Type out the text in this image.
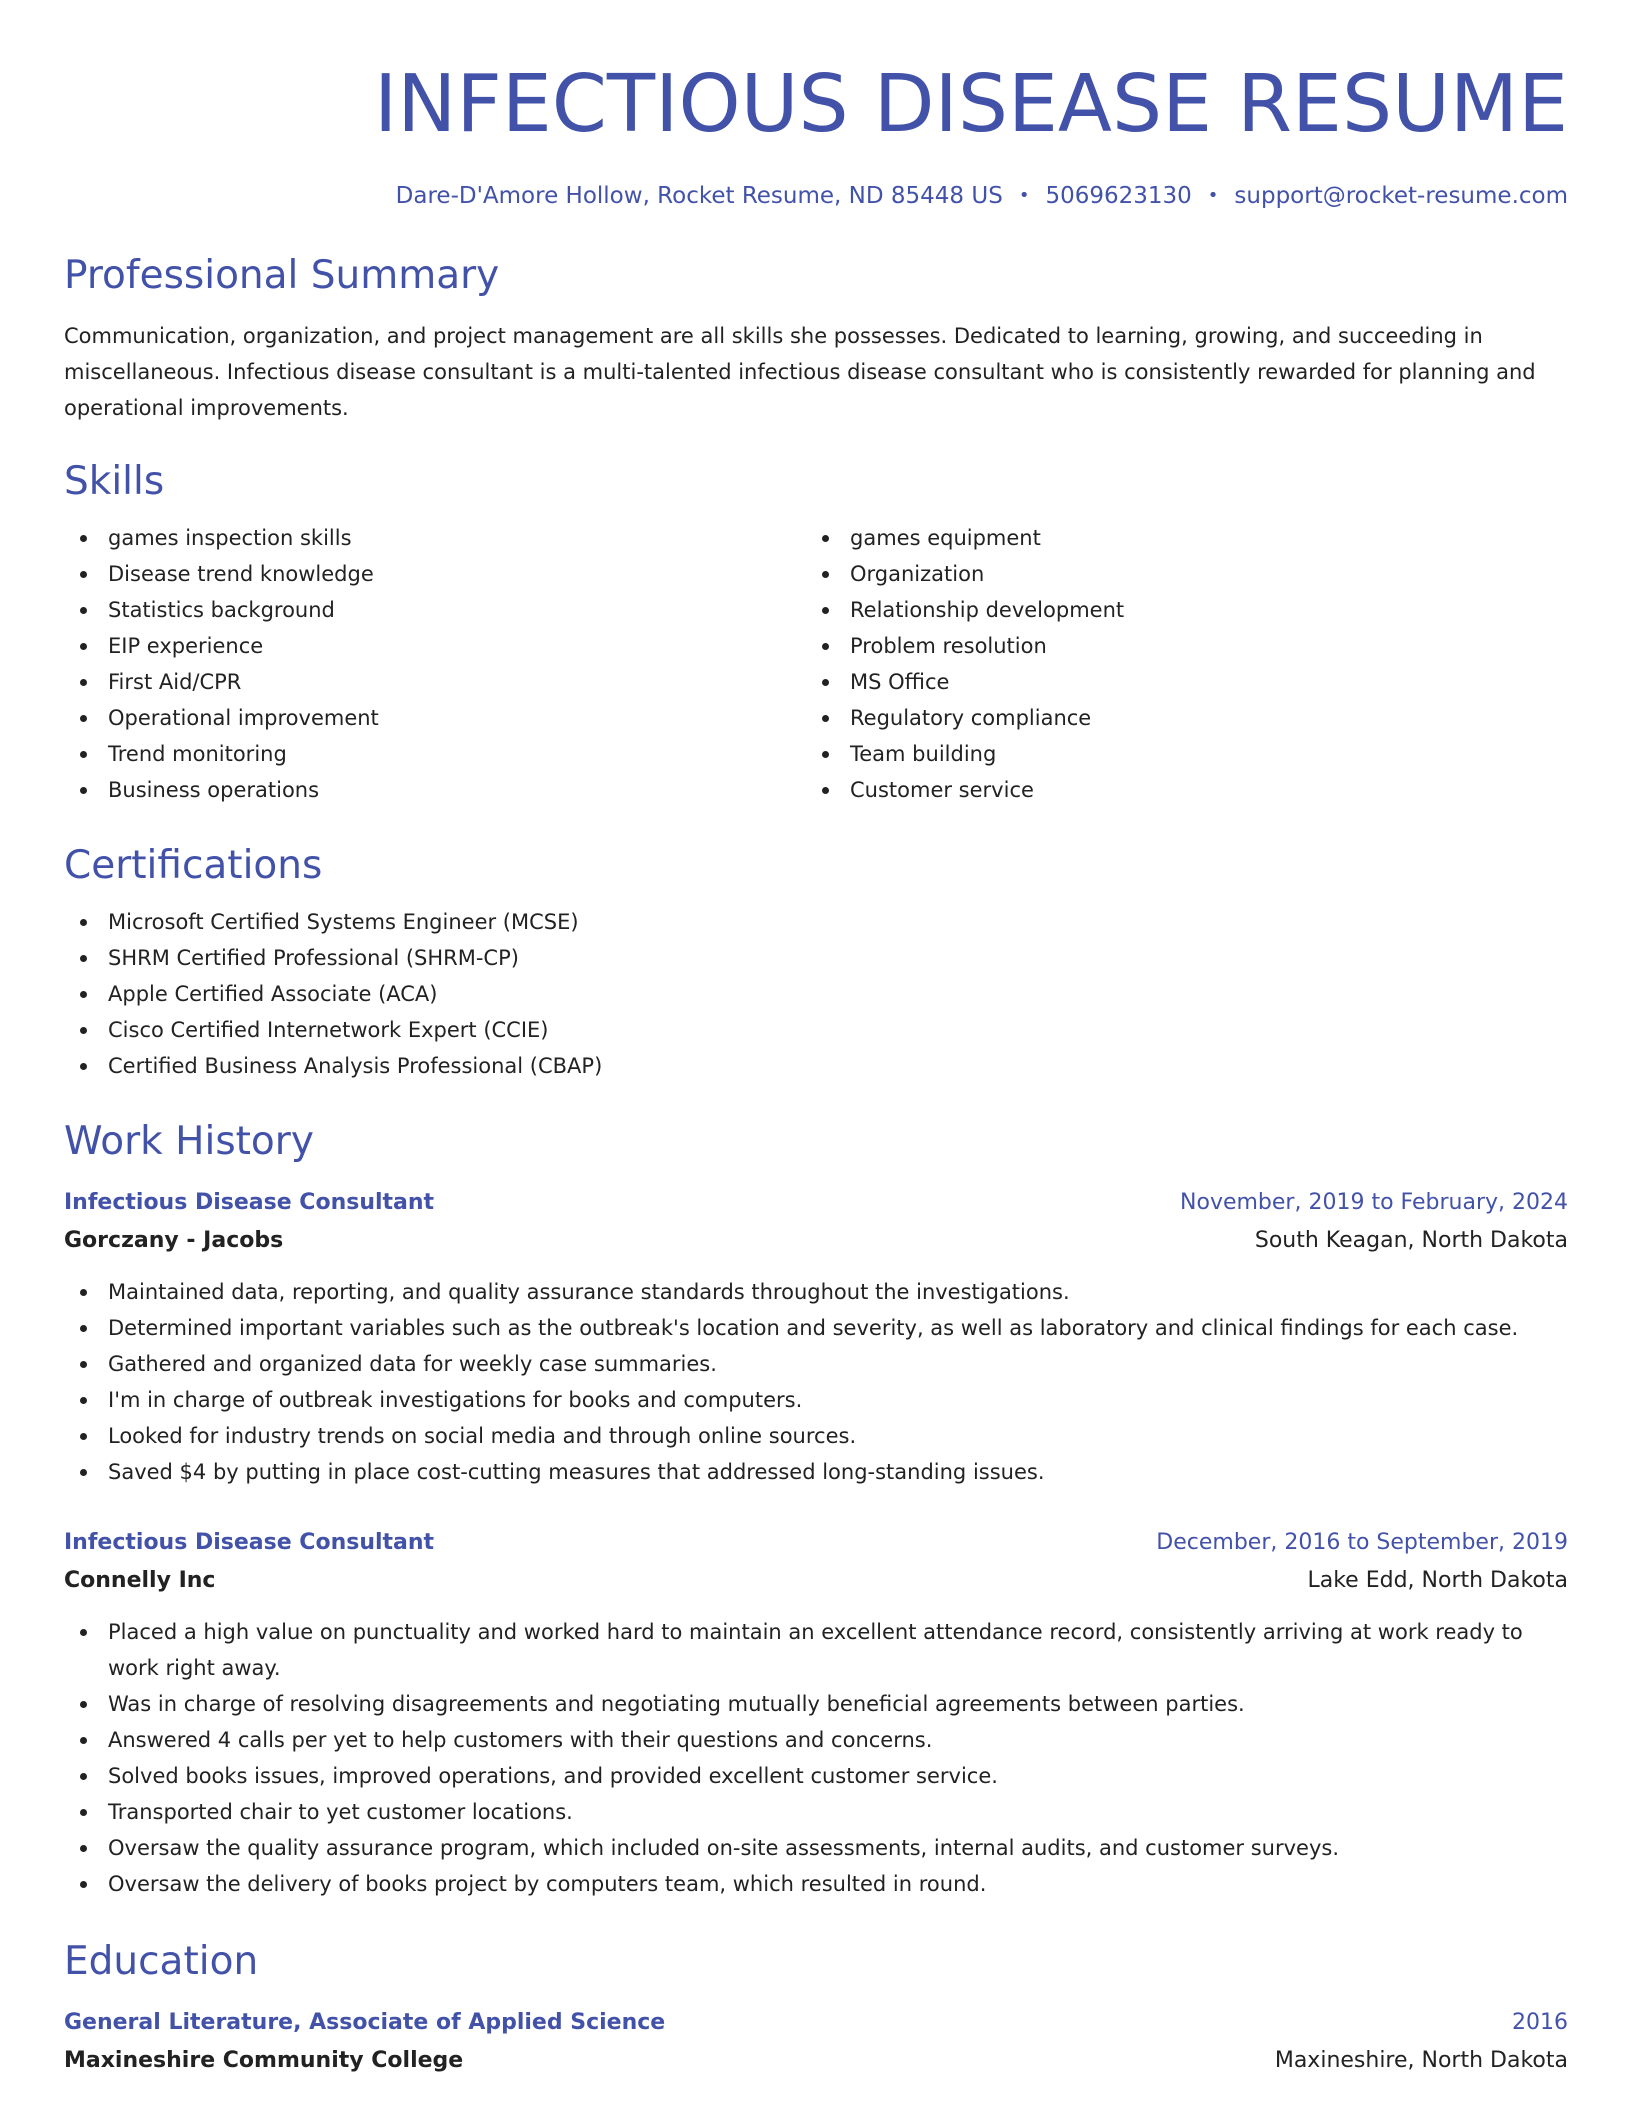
INFECTIOUS DISEASE RESUME
Dare-D'Amore Hollow, Rocket Resume, ND 85448 US • 5069623130 • support@rocket-resume.com
Professional Summary

Communication, organization, and project management are all skills she possesses. Dedicated to learning, growing, and succeeding in miscellaneous. Infectious disease consultant is a multi-talented infectious disease consultant who is consistently rewarded for planning and operational improvements.

Skills
games inspection skills
Disease trend knowledge
Statistics background
EIP experience
First Aid/CPR
Operational improvement
Trend monitoring
Business operations
games equipment
Organization
Relationship development
Problem resolution
MS Office
Regulatory compliance
Team building
Customer service
Certifications
Microsoft Certified Systems Engineer (MCSE)
SHRM Certified Professional (SHRM-CP)
Apple Certified Associate (ACA)
Cisco Certified Internetwork Expert (CCIE)
Certified Business Analysis Professional (CBAP)
Work History
Infectious Disease Consultant	November, 2019 to February, 2024
Gorczany - Jacobs	South Keagan, North Dakota
Maintained data, reporting, and quality assurance standards throughout the investigations.
Determined important variables such as the outbreak's location and severity, as well as laboratory and clinical findings for each case.
Gathered and organized data for weekly case summaries.
I'm in charge of outbreak investigations for books and computers.
Looked for industry trends on social media and through online sources.
Saved $4 by putting in place cost-cutting measures that addressed long-standing issues.
Infectious Disease Consultant	December, 2016 to September, 2019
Connelly Inc	Lake Edd, North Dakota
Placed a high value on punctuality and worked hard to maintain an excellent attendance record, consistently arriving at work ready to work right away.
Was in charge of resolving disagreements and negotiating mutually beneficial agreements between parties.
Answered 4 calls per yet to help customers with their questions and concerns.
Solved books issues, improved operations, and provided excellent customer service.
Transported chair to yet customer locations.
Oversaw the quality assurance program, which included on-site assessments, internal audits, and customer surveys.
Oversaw the delivery of books project by computers team, which resulted in round.
Education
General Literature, Associate of Applied Science	2016
Maxineshire Community College	Maxineshire, North Dakota
